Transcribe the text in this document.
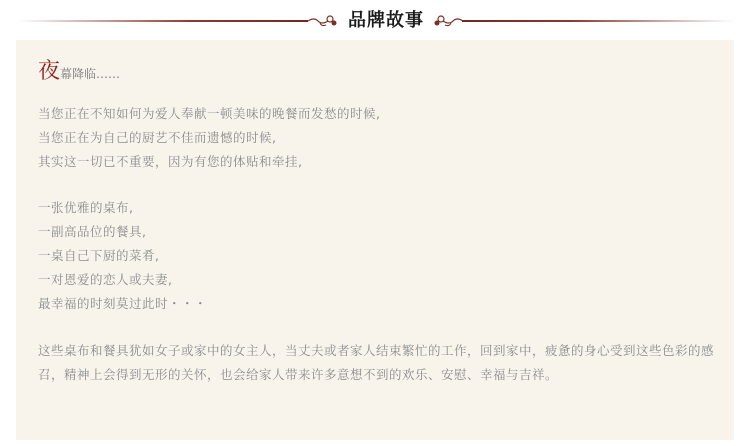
品牌故事
夜幕降临……

当您正在不知如何为爱人奉献一顿美味的晚餐而发愁的时候,

当您正在为自己的厨艺不佳而遗憾的时候,

其实这一切已不重要，因为有您的体贴和牵挂,

一张优雅的桌布,

一副高品位的餐具,

一桌自己下厨的菜肴,

一对恩爱的恋人或夫妻,

最幸福的时刻莫过此时・・・

这些桌布和餐具犹如女子或家中的女主人，当丈夫或者家人结束繁忙的工作，回到家中，疲惫的身心受到这些色彩的感召，精神上会得到无形的关怀，也会给家人带来许多意想不到的欢乐、安慰、幸福与吉祥。
